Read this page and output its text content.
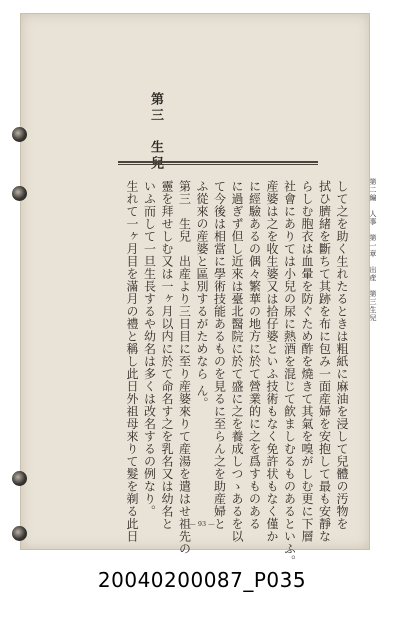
第二編　人事　第一章　出産　第三生兒
第三　生兒
して之を助く生れたるときは粗紙に麻油を浸して兒體の汚物を
拭ひ臍緒を斷ちて其跡を布に包み一面産婦を安抱して最も安靜な
らしむ胞衣は血暈を防ぐため酢を燒きて其氣を嗅がしむ更に下層
社會にありては小兒の尿に熱酒を混じて飮ましむるものあるといふ。
産婆は之を收生婆又は拾仔婆といふ技術もなく免許状もなく僅か
に經驗あるの偶々繁華の地方に於て營業的に之を爲すものある
に過ぎず但し近來は臺北醫院に於て盛に之を養成しつゝあるを以
て今後は相當に學術技能あるものを見るに至らん之を助産婦と
ふ從來の産婆と區別するがためなら ん。
第三　生兒　出産より三日目に至り産婆來りて産湯を遣はせ祖先の
靈を拜せしむ又は一ヶ月以内に於て命名す之を乳名又は幼名と
いふ而して一旦生長するや幼名は多くは改名するの例なり。
生れて一ヶ月目を滿月の禮と稱し此日外祖母來りて髮を剃る此日	— 93 —
20040200087_P035
